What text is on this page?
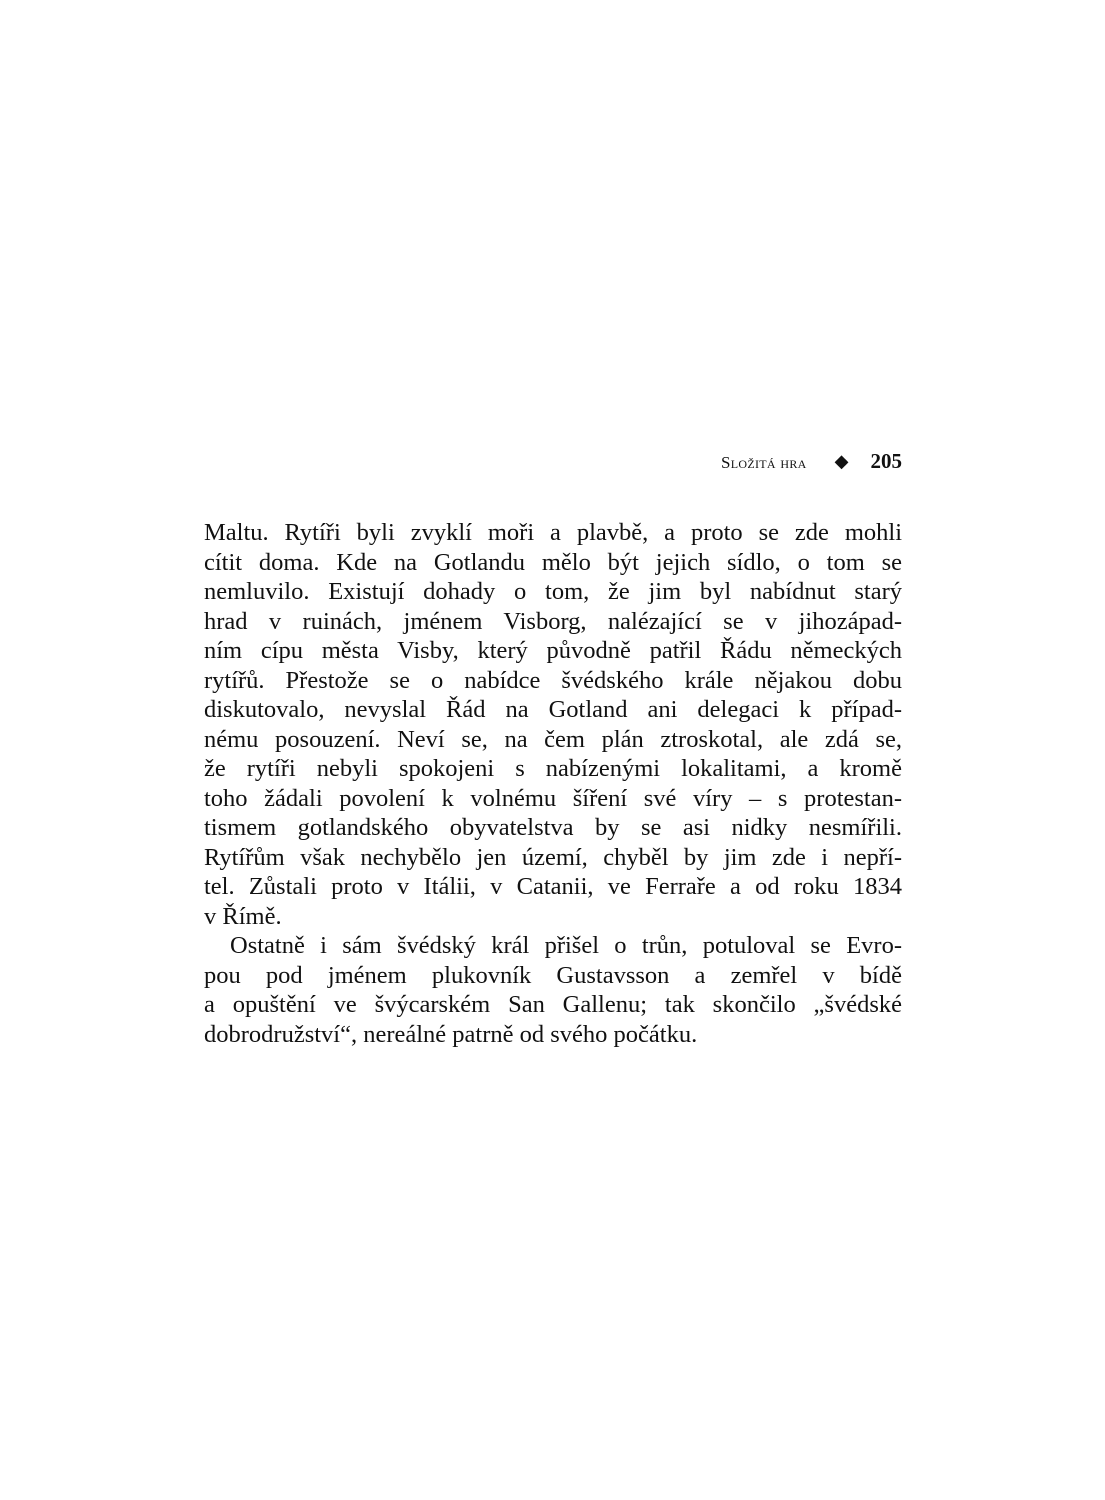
Složitá hra ◆ 205
Maltu. Rytíři byli zvyklí moři a plavbě, a proto se zde mohli
cítit doma. Kde na Gotlandu mělo být jejich sídlo, o tom se
nemluvilo. Existují dohady o tom, že jim byl nabídnut starý
hrad v ruinách, jménem Visborg, nalézající se v jihozápad-
ním cípu města Visby, který původně patřil Řádu německých
rytířů. Přestože se o nabídce švédského krále nějakou dobu
diskutovalo, nevyslal Řád na Gotland ani delegaci k případ-
nému posouzení. Neví se, na čem plán ztroskotal, ale zdá se,
že rytíři nebyli spokojeni s nabízenými lokalitami, a kromě
toho žádali povolení k volnému šíření své víry – s protestan-
tismem gotlandského obyvatelstva by se asi nidky nesmířili.
Rytířům však nechybělo jen území, chyběl by jim zde i nepří-
tel. Zůstali proto v Itálii, v Catanii, ve Ferraře a od roku 1834
v Římě.
Ostatně i sám švédský král přišel o trůn, potuloval se Evro-
pou pod jménem plukovník Gustavsson a zemřel v bídě
a opuštění ve švýcarském San Gallenu; tak skončilo „švédské
dobrodružství“, nereálné patrně od svého počátku.
